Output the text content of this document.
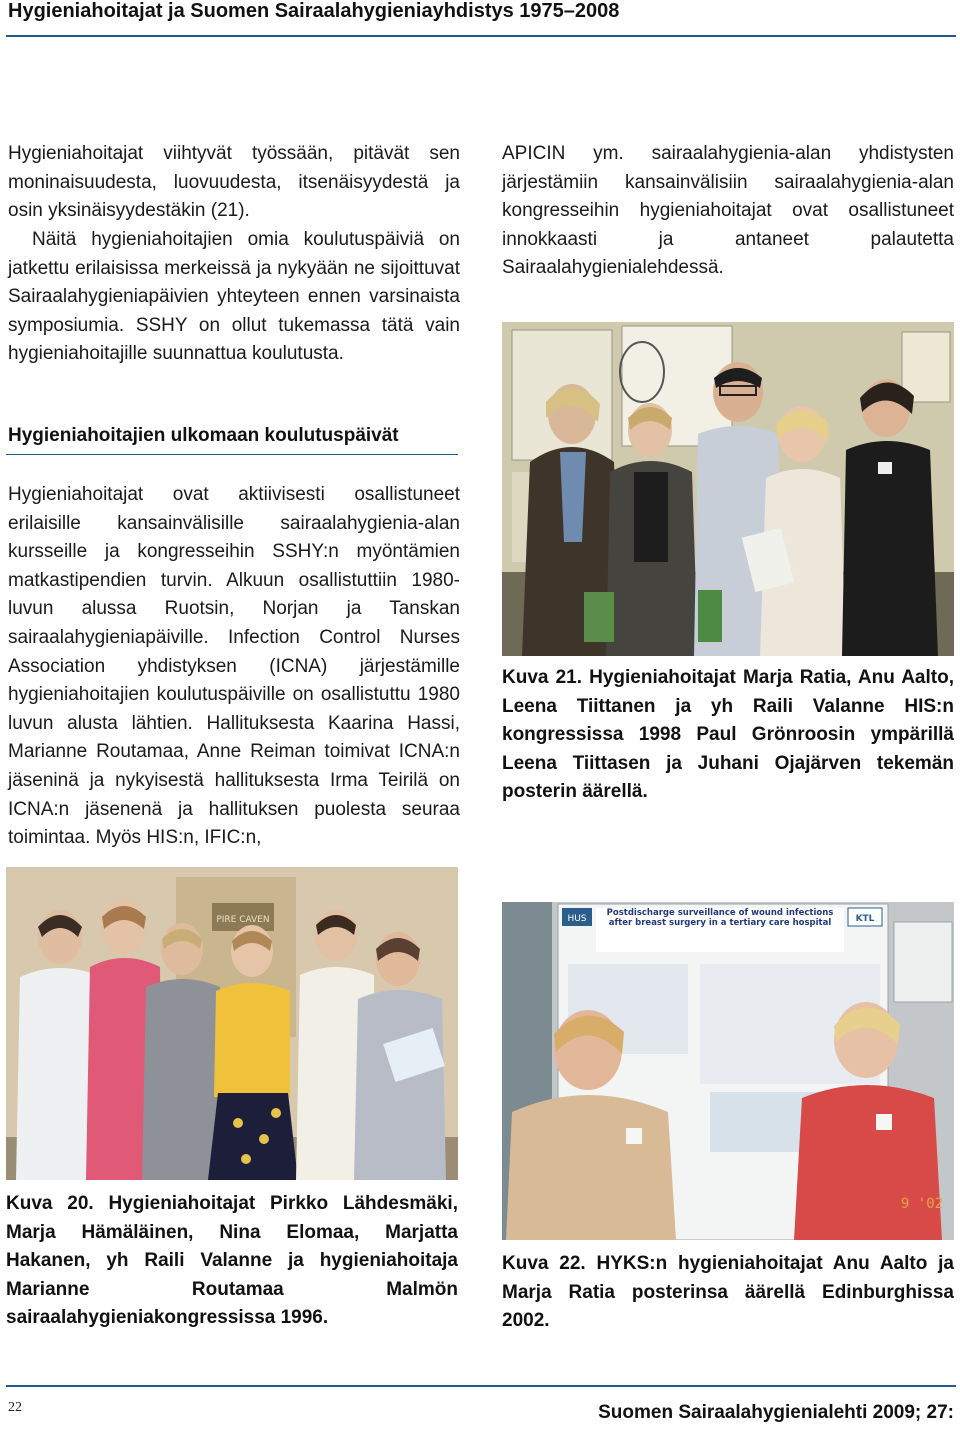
Hygieniahoitajat ja Suomen Sairaalahygieniayhdistys 1975–2008
Hygieniahoitajat viihtyvät työssään, pitävät sen moninaisuudesta, luovuudesta, itsenäisyydestä ja osin yksinäisyydestäkin (21).
Näitä hygieniahoitajien omia koulutuspäiviä on jatkettu erilaisissa merkeissä ja nykyään ne sijoittuvat Sairaalahygieniapäivien yhteyteen ennen varsinaista symposiumia. SSHY on ollut tukemassa tätä vain hygieniahoitajille suunnattua koulutusta.
Hygieniahoitajien ulkomaan koulutuspäivät
Hygieniahoitajat ovat aktiivisesti osallistuneet erilaisille kansainvälisille sairaalahygienia-alan kursseille ja kongresseihin SSHY:n myöntämien matkastipendien turvin. Alkuun osallistuttiin 1980-luvun alussa Ruotsin, Norjan ja Tanskan sairaalahygieniapäiville. Infection Control Nurses Association yhdistyksen (ICNA) järjestämille hygieniahoitajien koulutuspäiville on osallistuttu 1980 luvun alusta lähtien. Hallituksesta Kaarina Hassi, Marianne Routamaa, Anne Reiman toimivat ICNA:n jäseninä ja nykyisestä hallituksesta Irma Teirilä on ICNA:n jäsenenä ja hallituksen puolesta seuraa toimintaa. Myös HIS:n, IFIC:n,
APICIN ym. sairaalahygienia-alan yhdistysten järjestämiin kansainvälisiin sairaalahygienia-alan kongresseihin hygieniahoitajat ovat osallistuneet innokkaasti ja antaneet palautetta Sairaalahygienialehdessä.
Kuva 21. Hygieniahoitajat Marja Ratia, Anu Aalto, Leena Tiittanen ja yh Raili Valanne HIS:n kongressissa 1998 Paul Grönroosin ympärillä Leena Tiittasen ja Juhani Ojajärven tekemän posterin äärellä.
PIRE CAVEN
Kuva 20. Hygieniahoitajat Pirkko Lähdesmäki, Marja Hämäläinen, Nina Elomaa, Marjatta Hakanen, yh Raili Valanne ja hygieniahoitaja Marianne Routamaa Malmön sairaalahygieniakongressissa 1996.
HUS	KTL
Postdischarge surveillance of wound infections after breast surgery in a tertiary care hospital
9 '02
Kuva 22. HYKS:n hygieniahoitajat Anu Aalto ja Marja Ratia posterinsa äärellä Edinburghissa 2002.
22	Suomen Sairaalahygienialehti 2009; 27:
